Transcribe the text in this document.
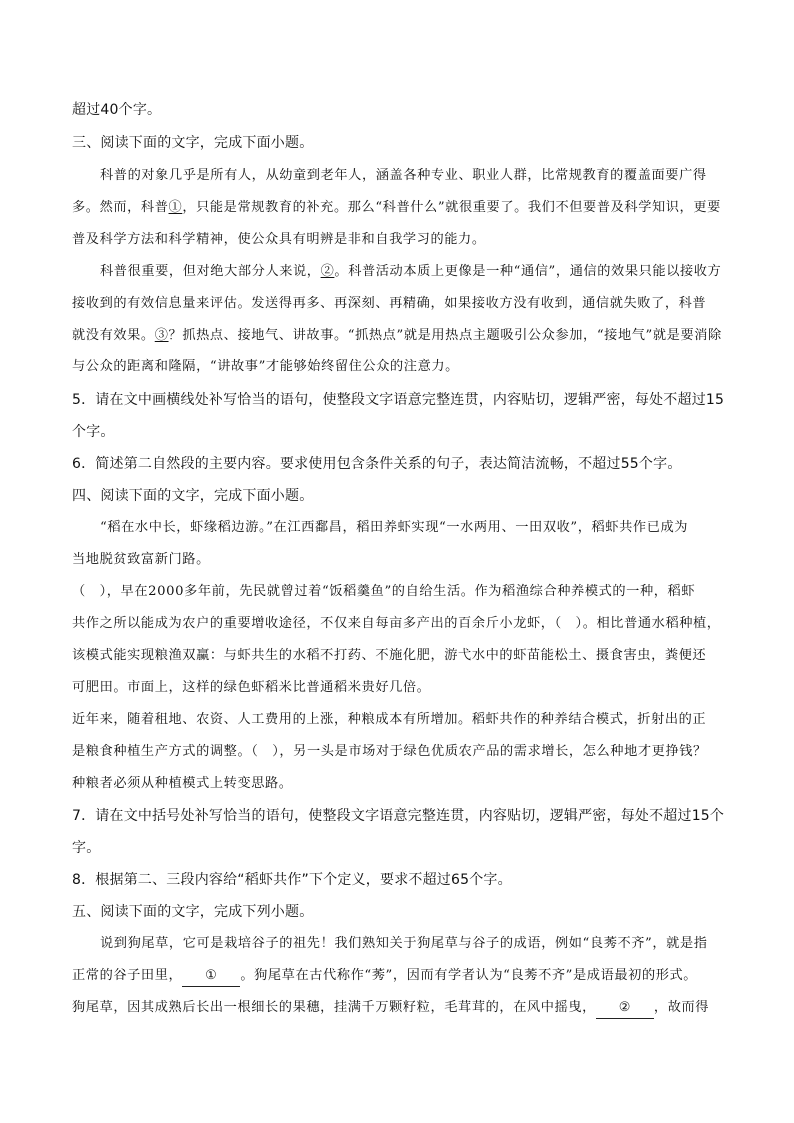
超过40个字。
三、阅读下面的文字，完成下面小题。
科普的对象几乎是所有人，从幼童到老年人，涵盖各种专业、职业人群，比常规教育的覆盖面要广得
多。然而，科普①，只能是常规教育的补充。那么“科普什么”就很重要了。我们不但要普及科学知识，更要
普及科学方法和科学精神，使公众具有明辨是非和自我学习的能力。
科普很重要，但对绝大部分人来说，②。科普活动本质上更像是一种“通信”，通信的效果只能以接收方
接收到的有效信息量来评估。发送得再多、再深刻、再精确，如果接收方没有收到，通信就失败了，科普
就没有效果。③？抓热点、接地气、讲故事。“抓热点”就是用热点主题吸引公众参加，“接地气”就是要消除
与公众的距离和隆隔，“讲故事”才能够始终留住公众的注意力。
5．请在文中画横线处补写恰当的语句，使整段文字语意完整连贯，内容贴切，逻辑严密，每处不超过15
个字。
6．简述第二自然段的主要内容。要求使用包含条件关系的句子，表达简洁流畅，不超过55个字。
四、阅读下面的文字，完成下面小题。
“稻在水中长，虾缘稻边游。”在江西鄱昌，稻田养虾实现“一水两用、一田双收”，稻虾共作已成为
当地脱贫致富新门路。
（　），早在2000多年前，先民就曾过着“饭稻羹鱼”的自给生活。作为稻渔综合种养模式的一种，稻虾
共作之所以能成为农户的重要增收途径，不仅来自每亩多产出的百余斤小龙虾，（　）。相比普通水稻种植，
该模式能实现粮渔双赢：与虾共生的水稻不打药、不施化肥，游弋水中的虾苗能松土、摄食害虫，粪便还
可肥田。市面上，这样的绿色虾稻米比普通稻米贵好几倍。
近年来，随着租地、农资、人工费用的上涨，种粮成本有所增加。稻虾共作的种养结合模式，折射出的正
是粮食种植生产方式的调整。（　），另一头是市场对于绿色优质农产品的需求增长，怎么种地才更挣钱？
种粮者必须从种植模式上转变思路。
7．请在文中括号处补写恰当的语句，使整段文字语意完整连贯，内容贴切，逻辑严密，每处不超过15个
字。
8．根据第二、三段内容给“稻虾共作”下个定义，要求不超过65个字。
五、阅读下面的文字，完成下列小题。
说到狗尾草，它可是栽培谷子的祖先！我们熟知关于狗尾草与谷子的成语，例如“良莠不齐”，就是指
正常的谷子田里， ① 。狗尾草在古代称作“莠”，因而有学者认为“良莠不齐”是成语最初的形式。
狗尾草，因其成熟后长出一根细长的果穗，挂满千万颗籽粒，毛茸茸的，在风中摇曳， ② ，故而得
